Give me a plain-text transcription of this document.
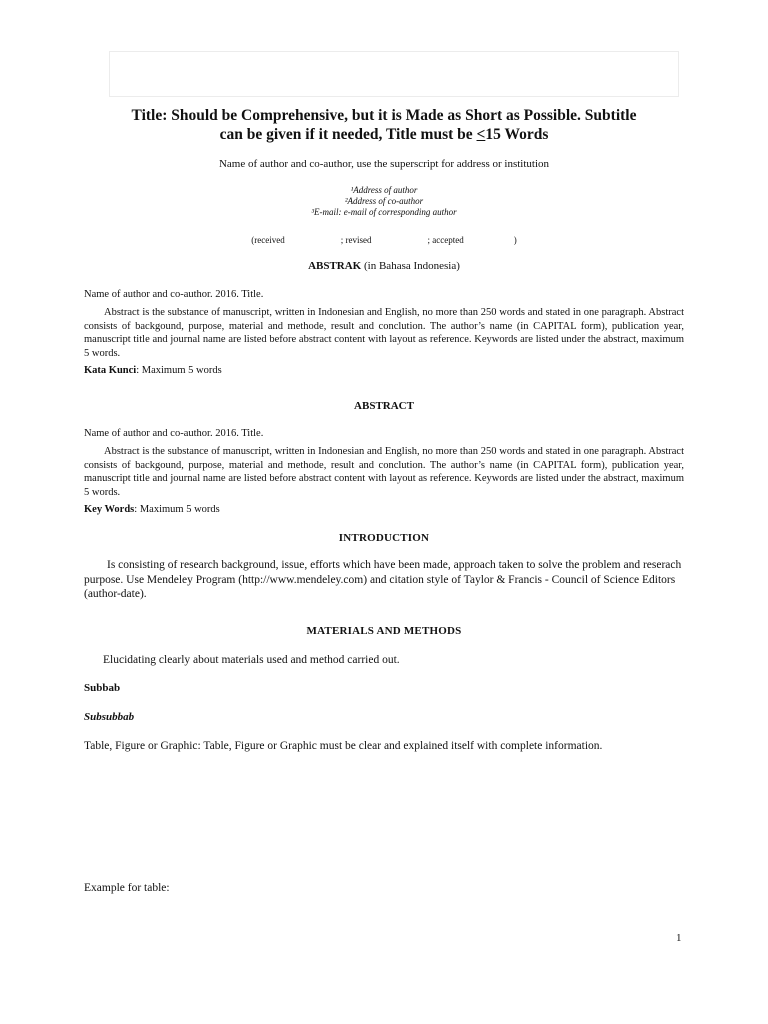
Title: Should be Comprehensive, but it is Made as Short as Possible. Subtitle
can be given if it needed, Title must be <15 Words
Name of author and co-author, use the superscript for address or institution
¹Address of author
²Address of co-author
³E-mail: e-mail of corresponding author
(received	; revised	; accepted	)
ABSTRAK (in Bahasa Indonesia)
Name of author and co-author. 2016. Title.

Abstract is the substance of manuscript, written in Indonesian and English, no more than 250 words and stated in one paragraph. Abstract consists of backgound, purpose, material and methode, result and conclution. The author’s name (in CAPITAL form), publication year, manuscript title and journal name are listed before abstract content with layout as reference. Keywords are listed under the abstract, maximum 5 words.

Kata Kunci: Maximum 5 words
ABSTRACT
Name of author and co-author. 2016. Title.

Abstract is the substance of manuscript, written in Indonesian and English, no more than 250 words and stated in one paragraph. Abstract consists of backgound, purpose, material and methode, result and conclution. The author’s name (in CAPITAL form), publication year, manuscript title and journal name are listed before abstract content with layout as reference. Keywords are listed under the abstract, maximum 5 words.

Key Words: Maximum 5 words
INTRODUCTION

Is consisting of research background, issue, efforts which have been made, approach taken to solve the problem and reserach purpose. Use Mendeley Program (http://www.mendeley.com) and citation style of Taylor & Francis - Council of Science Editors (author-date).

MATERIALS AND METHODS
Elucidating clearly about materials used and method carried out.
Subbab
Subsubbab
Table, Figure or Graphic: Table, Figure or Graphic must be clear and explained itself with complete information.
Example for table:
1
